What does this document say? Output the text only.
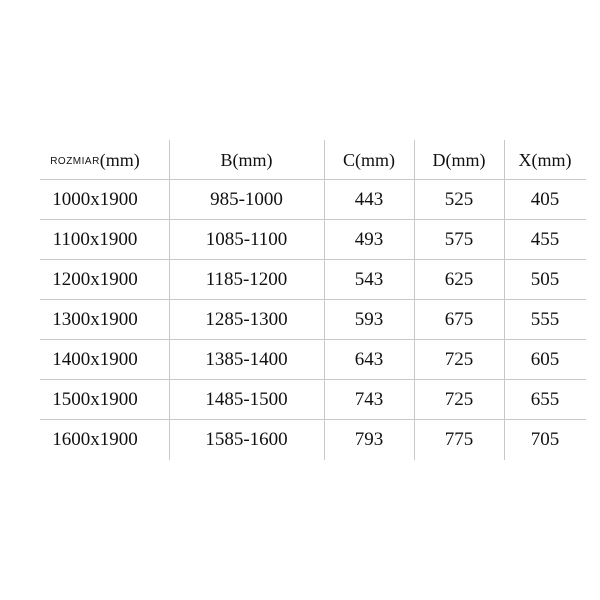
ROZMIAR(mm)	B(mm)	C(mm)	D(mm)	X(mm)
1000x1900	985-1000	443	525	405
1100x1900	1085-1100	493	575	455
1200x1900	1185-1200	543	625	505
1300x1900	1285-1300	593	675	555
1400x1900	1385-1400	643	725	605
1500x1900	1485-1500	743	725	655
1600x1900	1585-1600	793	775	705
